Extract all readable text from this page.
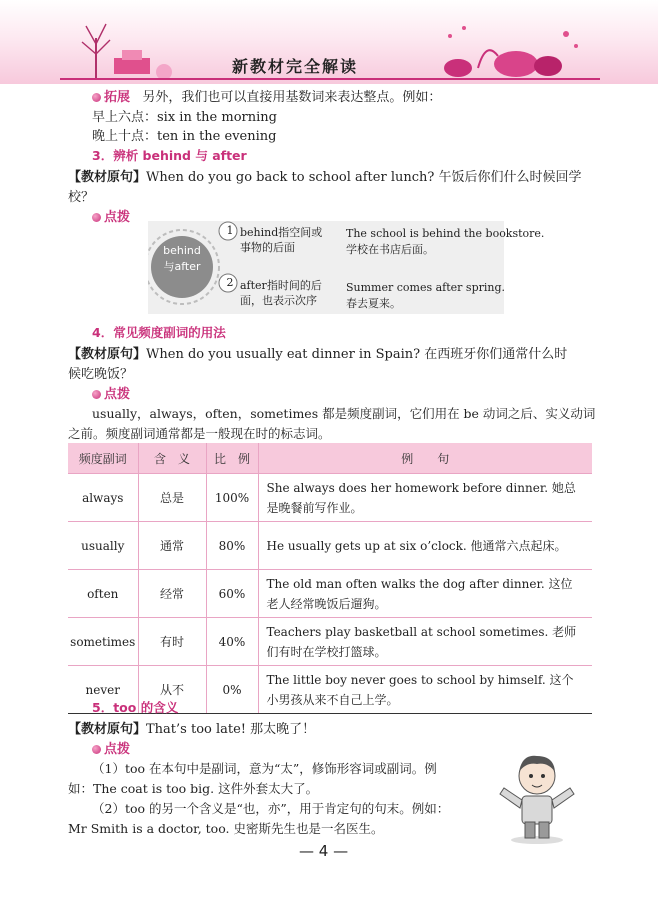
新教材完全解读
拓展 另外，我们也可以直接用基数词来表达整点。例如：
早上六点：six in the morning
晚上十点：ten in the evening
3．辨析 behind 与 after
【教材原句】When do you go back to school after lunch? 午饭后你们什么时候回学
校？
点拨
behind
与after
1
2
behind指空间或
事物的后面
after指时间的后
面，也表示次序
The school is behind the bookstore.
学校在书店后面。
Summer comes after spring.
春去夏来。
4．常见频度副词的用法
【教材原句】When do you usually eat dinner in Spain? 在西班牙你们通常什么时
候吃晚饭？
点拨
usually，always，often，sometimes 都是频度副词，它们用在 be 动词之后、实义动词
之前。频度副词通常都是一般现在时的标志词。
频度副词	含　义	比　例	例　　句
always	总是	100%	She always does her homework before dinner. 她总是晚餐前写作业。
usually	通常	80%	He usually gets up at six o’clock. 他通常六点起床。
often	经常	60%	The old man often walks the dog after dinner. 这位老人经常晚饭后遛狗。
sometimes	有时	40%	Teachers play basketball at school sometimes. 老师们有时在学校打篮球。
never	从不	0%	The little boy never goes to school by himself. 这个小男孩从来不自己上学。
5．too 的含义
【教材原句】That’s too late! 那太晚了！
点拨
（1）too 在本句中是副词，意为“太”，修饰形容词或副词。例
如：The coat is too big. 这件外套太大了。
（2）too 的另一个含义是“也，亦”，用于肯定句的句末。例如：
Mr Smith is a doctor, too. 史密斯先生也是一名医生。
— 4 —
